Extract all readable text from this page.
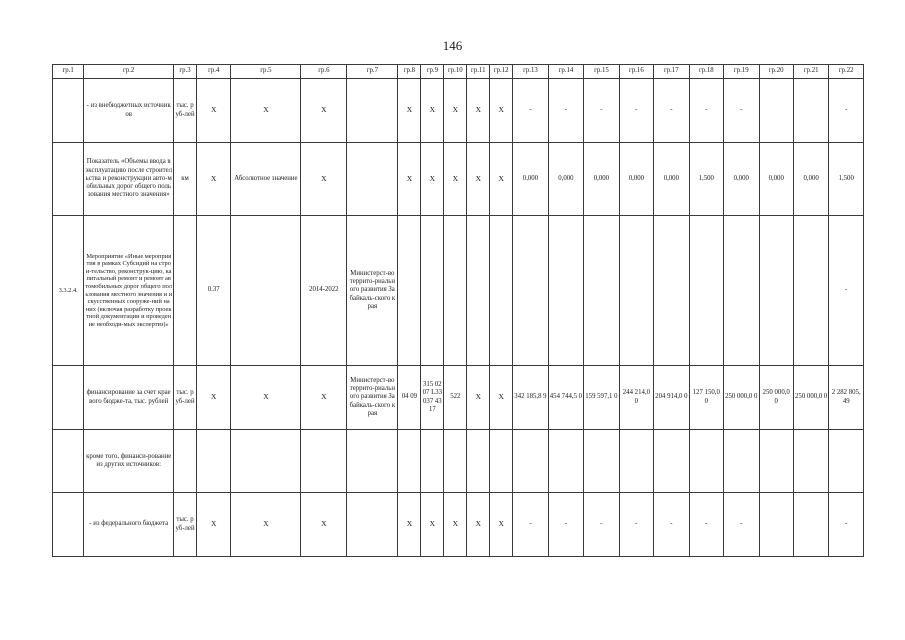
146
гр.1	гр.2	гр.3	гр.4	гр.5	гр.6	гр.7	гр.8	гр.9	гр.10	гр.11	гр.12	гр.13	гр.14	гр.15	гр.16	гр.17	гр.18	гр.19	гр.20	гр.21	гр.22
	- из внебюджетных источников	тыс. руб-лей	X	X	X		X	X	X	X	X	-	-	-	-	-	-	-			-
	Показатель «Объемы ввода в эксплуатацию после строительства и реконструкции авто-мобильных дорог общего пользования местного значения»	км	X	Абсолютное значение	X		X	X	X	X	X	0,000	0,000	0,000	0,000	0,000	1,500	0,000	0,000	0,000	1,500
3.3.2.4.	Мероприятие «Иные мероприятия в рамках Субсидий на строи-тельство, реконструк-цию, капитальный ремонт и ремонт автомобильных дорог общего пользования местного значения и искусственных сооруже-ний на них (включая разработку проектной документации и проведение необходи-мых экспертиз)»		0.37		2014-2022	Министерст-во террито-риального развития Забайкаль-ского края															-
	финансирование за счет краевого бюдже-та, тыс. рублей	тыс. руб-лей	X	X	X	Министерст-во террито-риального развития Забайкаль-ского края	04 09	315 02 07 L33037 4317	522	X	X	342 185,8 9	454 744,5 0	159 597,1 0	244 214,0 0	204 914,0 0	127 150,0 0	250 000,0 0	250 000,0 0	250 000,0 0	2 282 805,49
	кроме того, финанси-рование из других источников:																				
	- из федерального бюджета	тыс. руб-лей	X	X	X		X	X	X	X	X	-	-	-	-	-	-	-			-
